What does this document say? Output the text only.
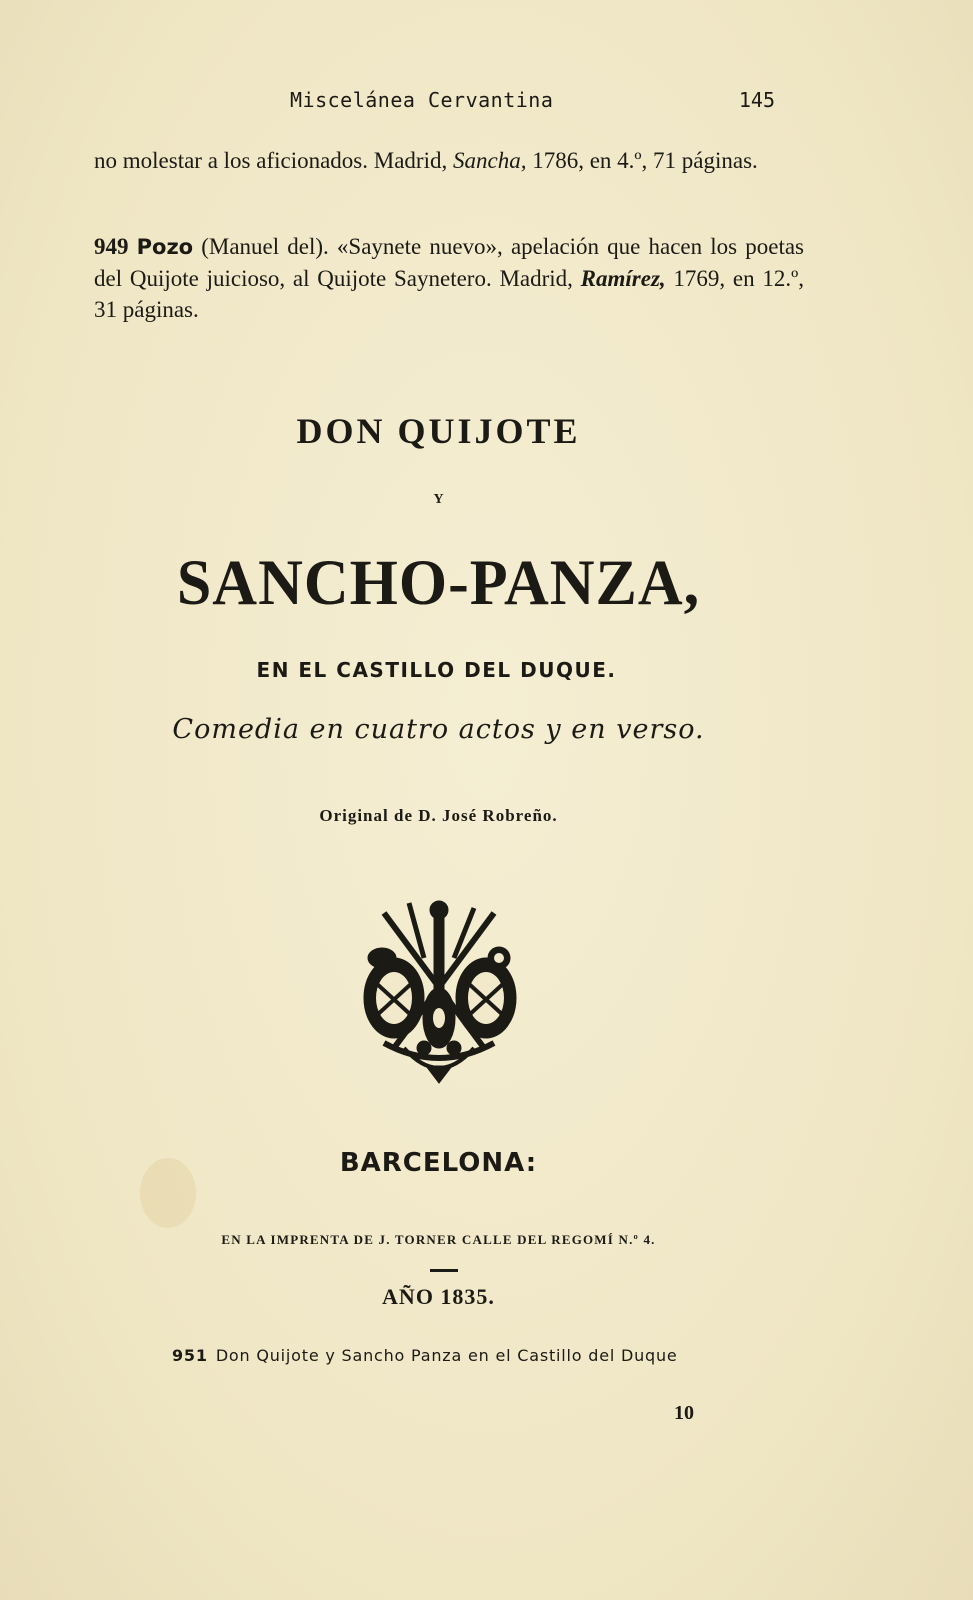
Miscelánea Cervantina	145
no molestar a los aficionados. Madrid, Sancha, 1786, en 4.º, 71 páginas.
949 Pozo (Manuel del). «Saynete nuevo», apelación que hacen los poetas del Quijote juicioso, al Quijote Saynetero. Madrid, Ramírez, 1769, en 12.º, 31 páginas.
DON QUIJOTE
Y
SANCHO-PANZA,
EN EL CASTILLO DEL DUQUE.
Comedia en cuatro actos y en verso.
Original de D. José Robreño.
BARCELONA:
EN LA IMPRENTA DE J. TORNER CALLE DEL REGOMÍ N.º 4.
AÑO 1835.
951 Don Quijote y Sancho Panza en el Castillo del Duque
10
